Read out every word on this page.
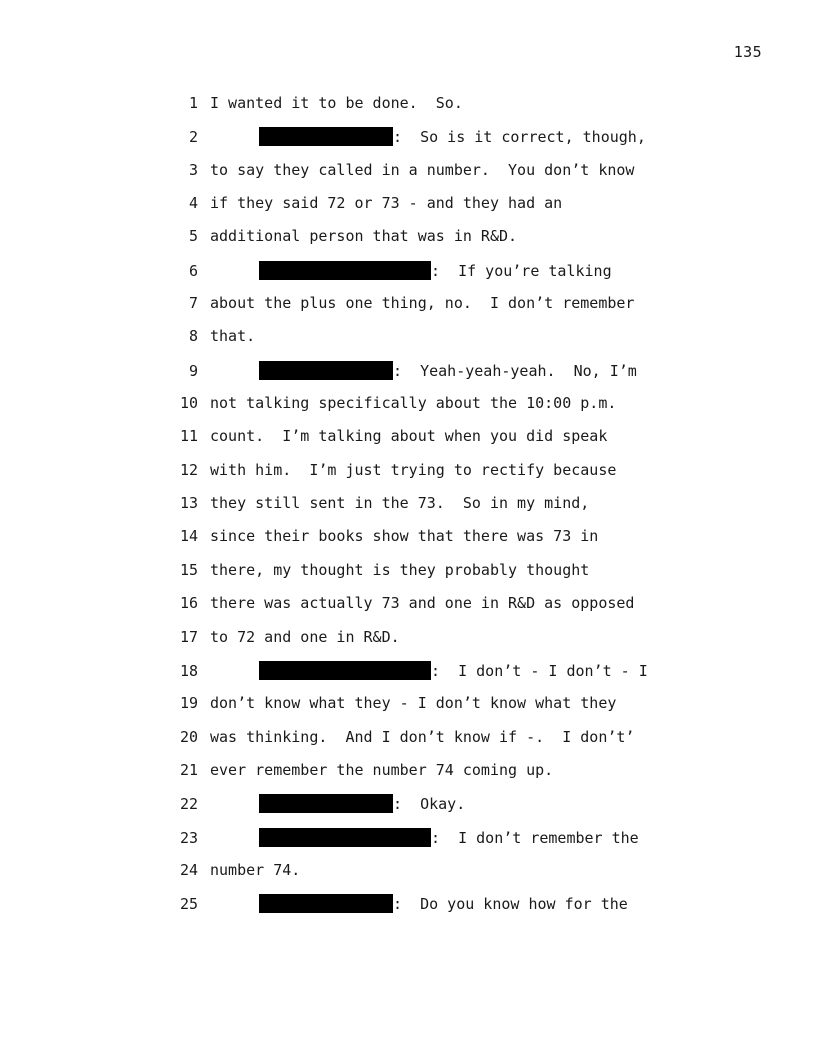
135
1 I wanted it to be done.  So.
2	:  So is it correct, though,
3 to say they called in a number.  You don’t know
4 if they said 72 or 73 - and they had an
5 additional person that was in R&D.
6	:  If you’re talking
7 about the plus one thing, no.  I don’t remember
8 that.
9	:  Yeah-yeah-yeah.  No, I’m
10 not talking specifically about the 10:00 p.m.
11 count.  I’m talking about when you did speak
12 with him.  I’m just trying to rectify because
13 they still sent in the 73.  So in my mind,
14 since their books show that there was 73 in
15 there, my thought is they probably thought
16 there was actually 73 and one in R&D as opposed
17 to 72 and one in R&D.
18	:  I don’t - I don’t - I
19 don’t know what they - I don’t know what they
20 was thinking.  And I don’t know if -.  I don’t’
21 ever remember the number 74 coming up.
22	:  Okay.
23	:  I don’t remember the
24 number 74.
25	:  Do you know how for the
